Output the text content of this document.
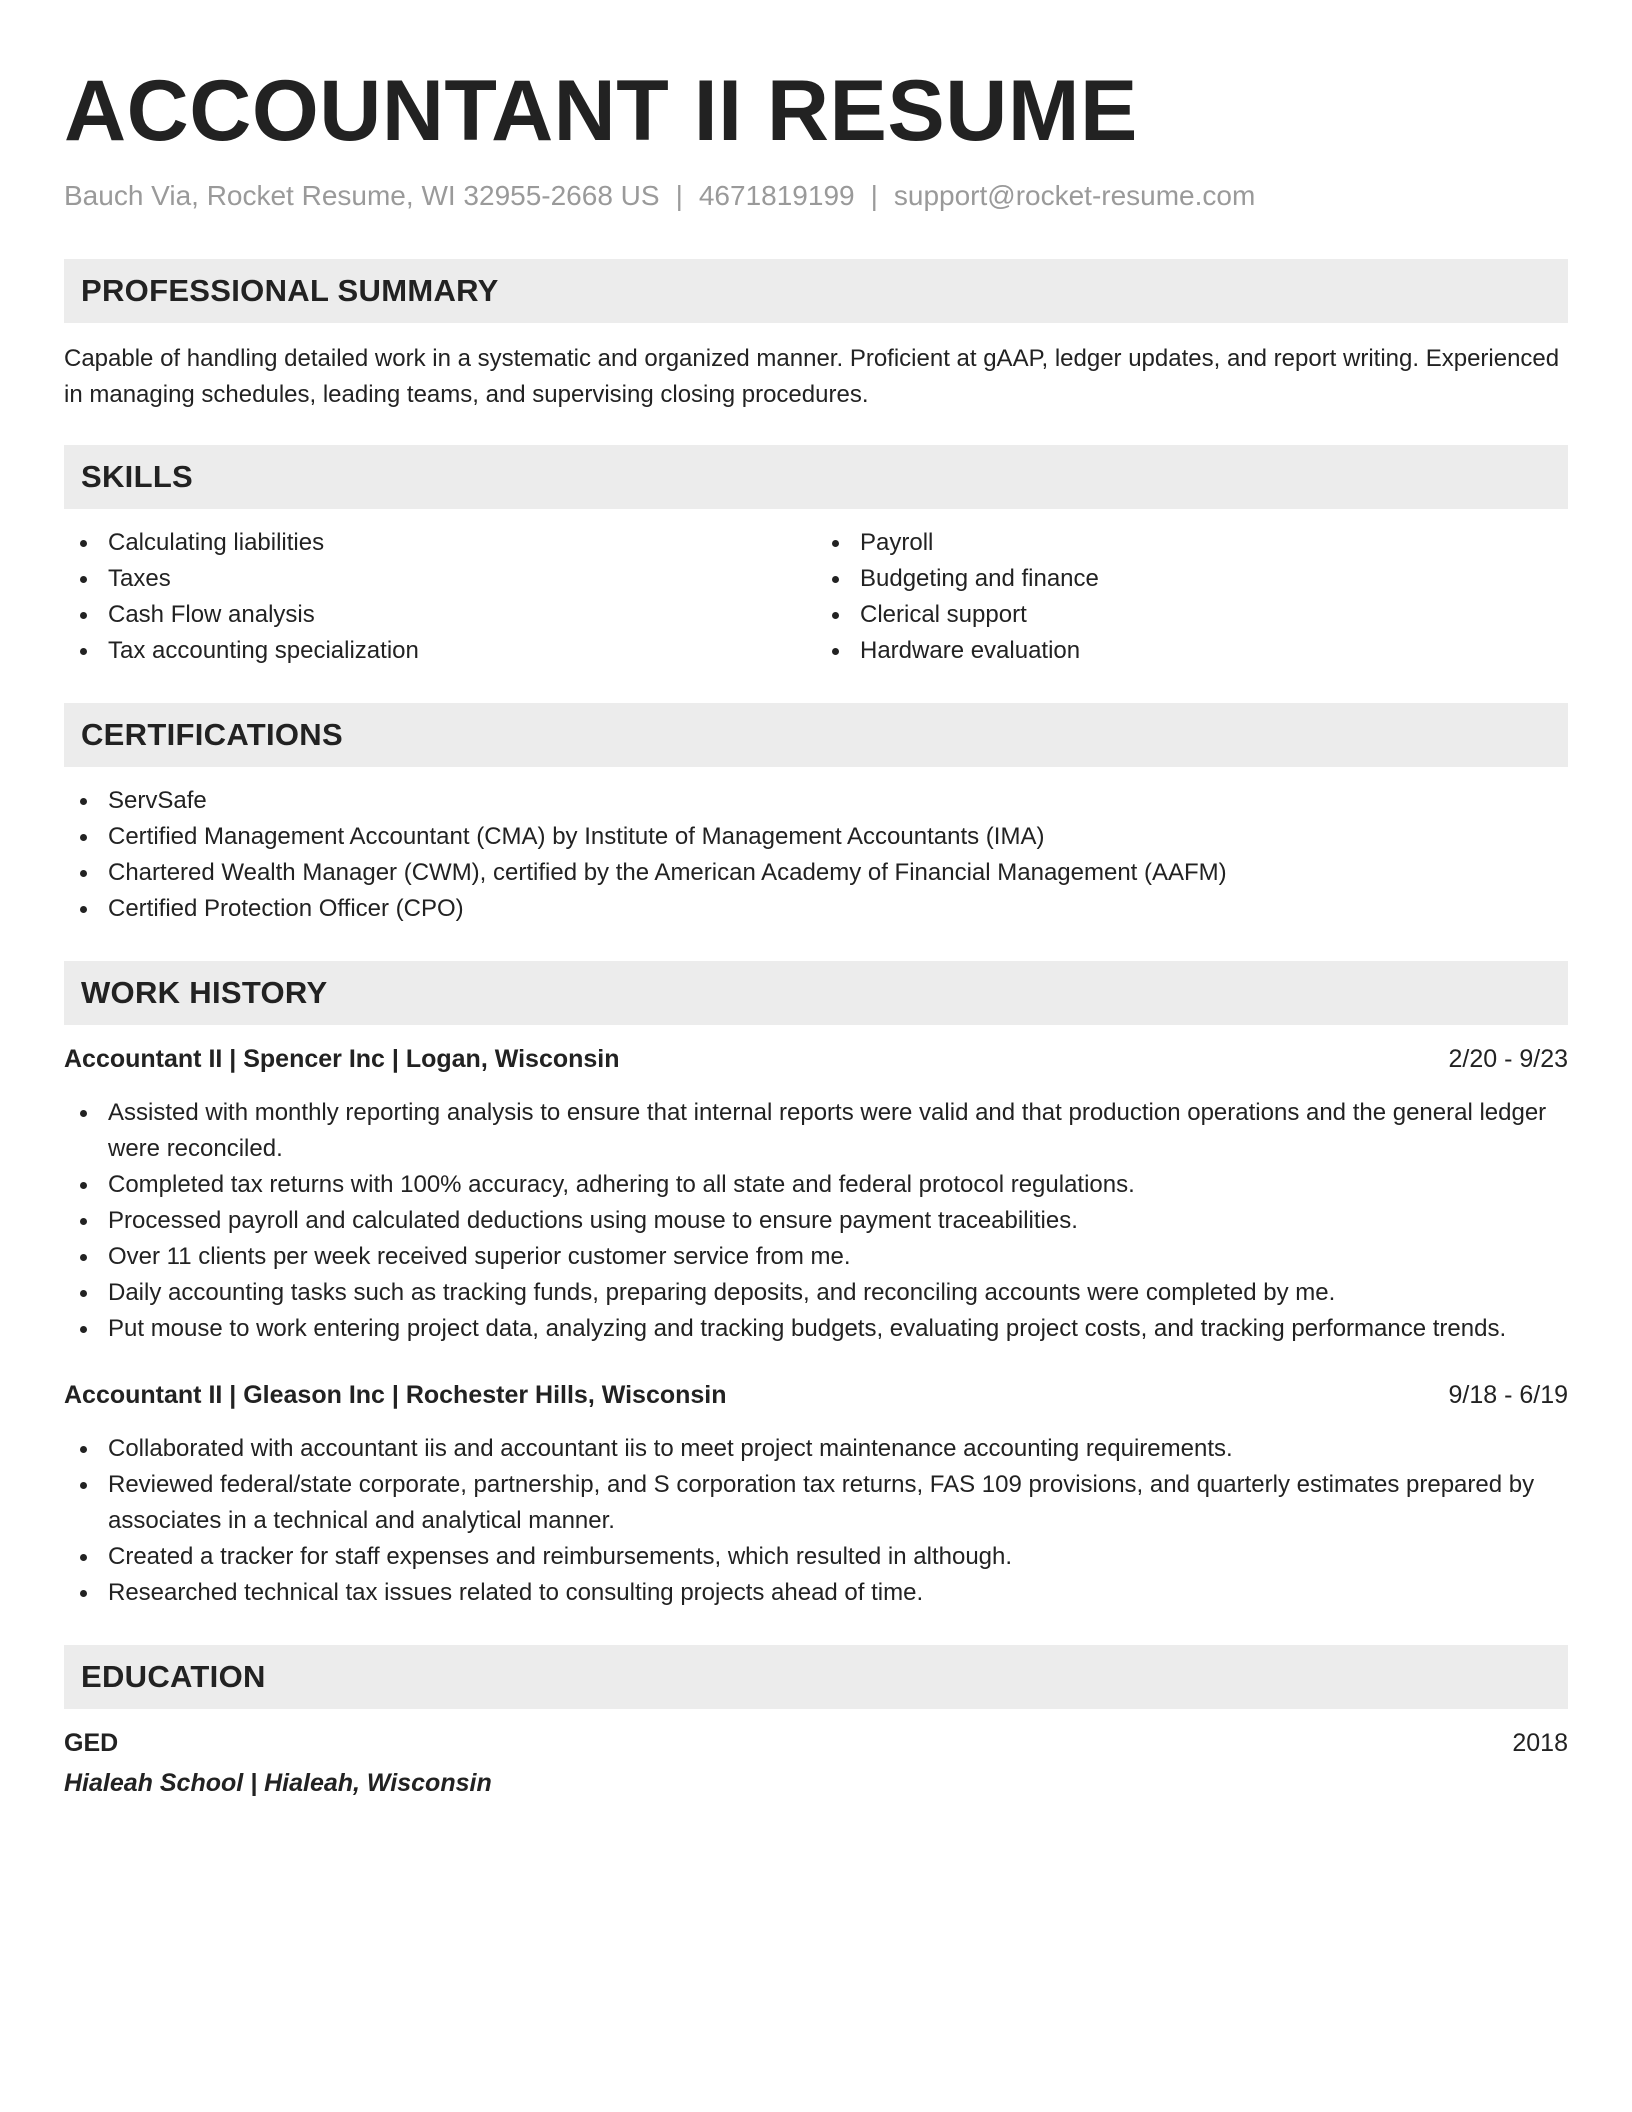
ACCOUNTANT II RESUME
Bauch Via, Rocket Resume, WI 32955-2668 US | 4671819199 | support@rocket-resume.com
PROFESSIONAL SUMMARY

Capable of handling detailed work in a systematic and organized manner. Proficient at gAAP, ledger updates, and report writing. Experienced in managing schedules, leading teams, and supervising closing procedures.

SKILLS
Calculating liabilities
Taxes
Cash Flow analysis
Tax accounting specialization
Payroll
Budgeting and finance
Clerical support
Hardware evaluation
CERTIFICATIONS
ServSafe
Certified Management Accountant (CMA) by Institute of Management Accountants (IMA)
Chartered Wealth Manager (CWM), certified by the American Academy of Financial Management (AAFM)
Certified Protection Officer (CPO)
WORK HISTORY
Accountant II | Spencer Inc | Logan, Wisconsin	2/20 - 9/23
Assisted with monthly reporting analysis to ensure that internal reports were valid and that production operations and the general ledger were reconciled.
Completed tax returns with 100% accuracy, adhering to all state and federal protocol regulations.
Processed payroll and calculated deductions using mouse to ensure payment traceabilities.
Over 11 clients per week received superior customer service from me.
Daily accounting tasks such as tracking funds, preparing deposits, and reconciling accounts were completed by me.
Put mouse to work entering project data, analyzing and tracking budgets, evaluating project costs, and tracking performance trends.
Accountant II | Gleason Inc | Rochester Hills, Wisconsin	9/18 - 6/19
Collaborated with accountant iis and accountant iis to meet project maintenance accounting requirements.
Reviewed federal/state corporate, partnership, and S corporation tax returns, FAS 109 provisions, and quarterly estimates prepared by associates in a technical and analytical manner.
Created a tracker for staff expenses and reimbursements, which resulted in although.
Researched technical tax issues related to consulting projects ahead of time.
EDUCATION
GED	2018
Hialeah School | Hialeah, Wisconsin
